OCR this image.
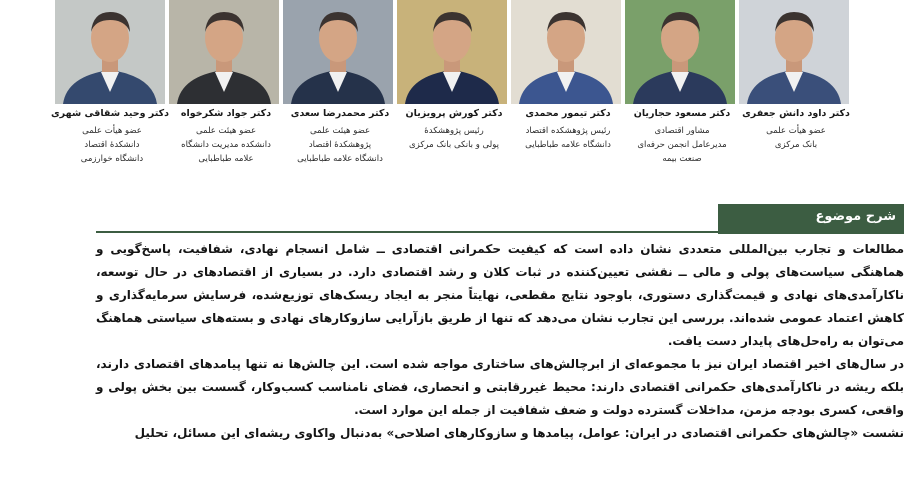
دکتر داود دانش جعفری
عضو هیأت علمی
بانک مرکزی
دکتر مسعود حجاریان
مشاور اقتصادی
مدیرعامل انجمن حرفه‌ای
صنعت بیمه
دکتر تیمور محمدی
رئیس پژوهشکده اقتصاد
دانشگاه علامه طباطبایی
دکتر کورش پرویزیان
رئیس پژوهشکدهٔ
پولی و بانکی بانک مرکزی
دکتر محمدرضا سعدی
عضو هیئت علمی
پژوهشکدهٔ اقتصاد
دانشگاه علامه طباطبایی
دکتر جواد شکرخواه
عضو هیئت علمی
دانشکده مدیریت دانشگاه
علامه طباطبایی
دکتر وحید شقاقی شهری
عضو هیأت علمی
دانشکدهٔ اقتصاد
دانشگاه خوارزمی
شرح موضوع

مطالعات و تجارب بین‌المللی متعددی نشان داده است که کیفیت حکمرانی اقتصادی ــ شامل انسجام نهادی، شفافیت، پاسخ‌گویی و هماهنگی سیاست‌های پولی و مالی ــ نقشی تعیین‌کننده در ثبات کلان و رشد اقتصادی دارد. در بسیاری از اقتصادهای در حال توسعه، ناکارآمدی‌های نهادی و قیمت‌گذاری دستوری، باوجود نتایج مقطعی، نهایتاً منجر به ایجاد ریسک‌های توزیع‌شده، فرسایش سرمایه‌گذاری و کاهش اعتماد عمومی شده‌اند. بررسی این تجارب نشان می‌دهد که تنها از طریق بازآرایی سازوکارهای نهادی و بسته‌های سیاستی هماهنگ می‌توان به راه‌حل‌های پایدار دست یافت.

در سال‌های اخیر اقتصاد ایران نیز با مجموعه‌ای از ابرچالش‌های ساختاری مواجه شده است. این چالش‌ها نه تنها پیامدهای اقتصادی دارند، بلکه ریشه در ناکارآمدی‌های حکمرانی اقتصادی دارند: محیط غیررقابتی و انحصاری، فضای نامناسب کسب‌وکار، گسست بین بخش پولی و واقعی، کسری بودجه مزمن، مداخلات گسترده دولت و ضعف شفافیت از جمله این موارد است.

نشست «چالش‌های حکمرانی اقتصادی در ایران: عوامل، پیامدها و سازوکارهای اصلاحی» به‌دنبال واکاوی ریشه‌ای این مسائل، تحلیل
